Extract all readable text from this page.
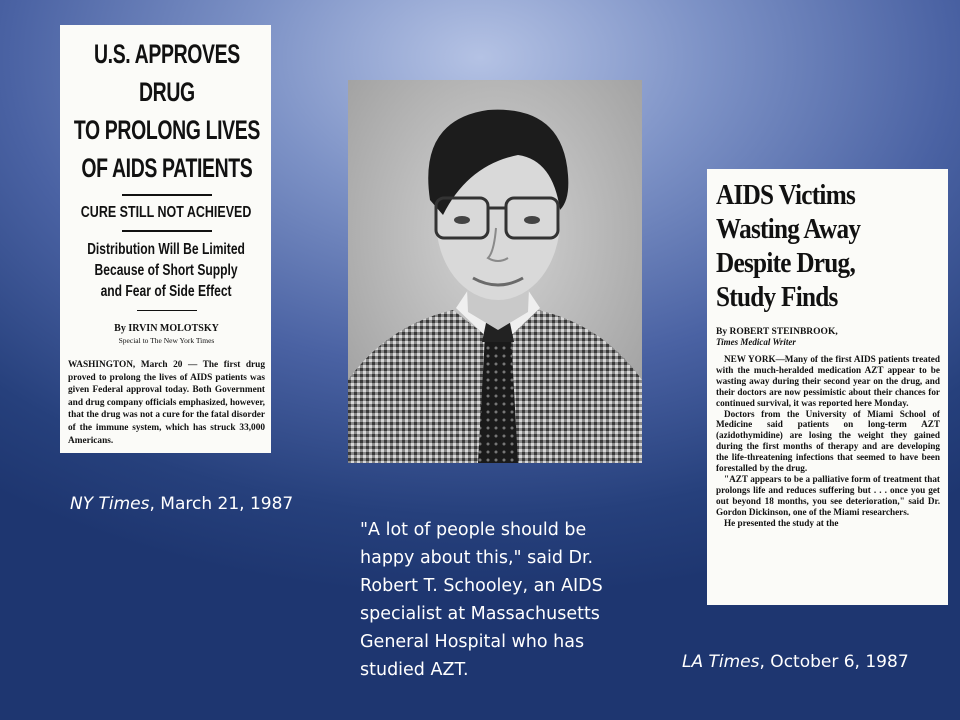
U.S. APPROVES DRUG
TO PROLONG LIVES
OF AIDS PATIENTS
CURE STILL NOT ACHIEVED
Distribution Will Be Limited
Because of Short Supply
and Fear of Side Effect
By IRVIN MOLOTSKY
Special to The New York Times
WASHINGTON, March 20 — The first drug proved to prolong the lives of AIDS patients was given Federal approval today. Both Government and drug company officials emphasized, however, that the drug was not a cure for the fatal disorder of the immune system, which has struck 33,000 Americans.
AIDS Victims
Wasting Away
Despite Drug,
Study Finds
By ROBERT STEINBROOK,
Times Medical Writer

NEW YORK—Many of the first AIDS patients treated with the much-heralded medication AZT appear to be wasting away during their second year on the drug, and their doctors are now pessimistic about their chances for continued survival, it was reported here Monday.

Doctors from the University of Miami School of Medicine said patients on long-term AZT (azidothymidine) are losing the weight they gained during the first months of therapy and are developing the life-threatening infections that seemed to have been forestalled by the drug.

"AZT appears to be a palliative form of treatment that prolongs life and reduces suffering but . . . once you get out beyond 18 months, you see deterioration," said Dr. Gordon Dickinson, one of the Miami researchers.

He presented the study at the

NY Times, March 21, 1987
"A lot of people should be happy about this," said Dr. Robert T. Schooley, an AIDS specialist at Massachusetts General Hospital who has studied AZT.	LA Times, October 6, 1987
